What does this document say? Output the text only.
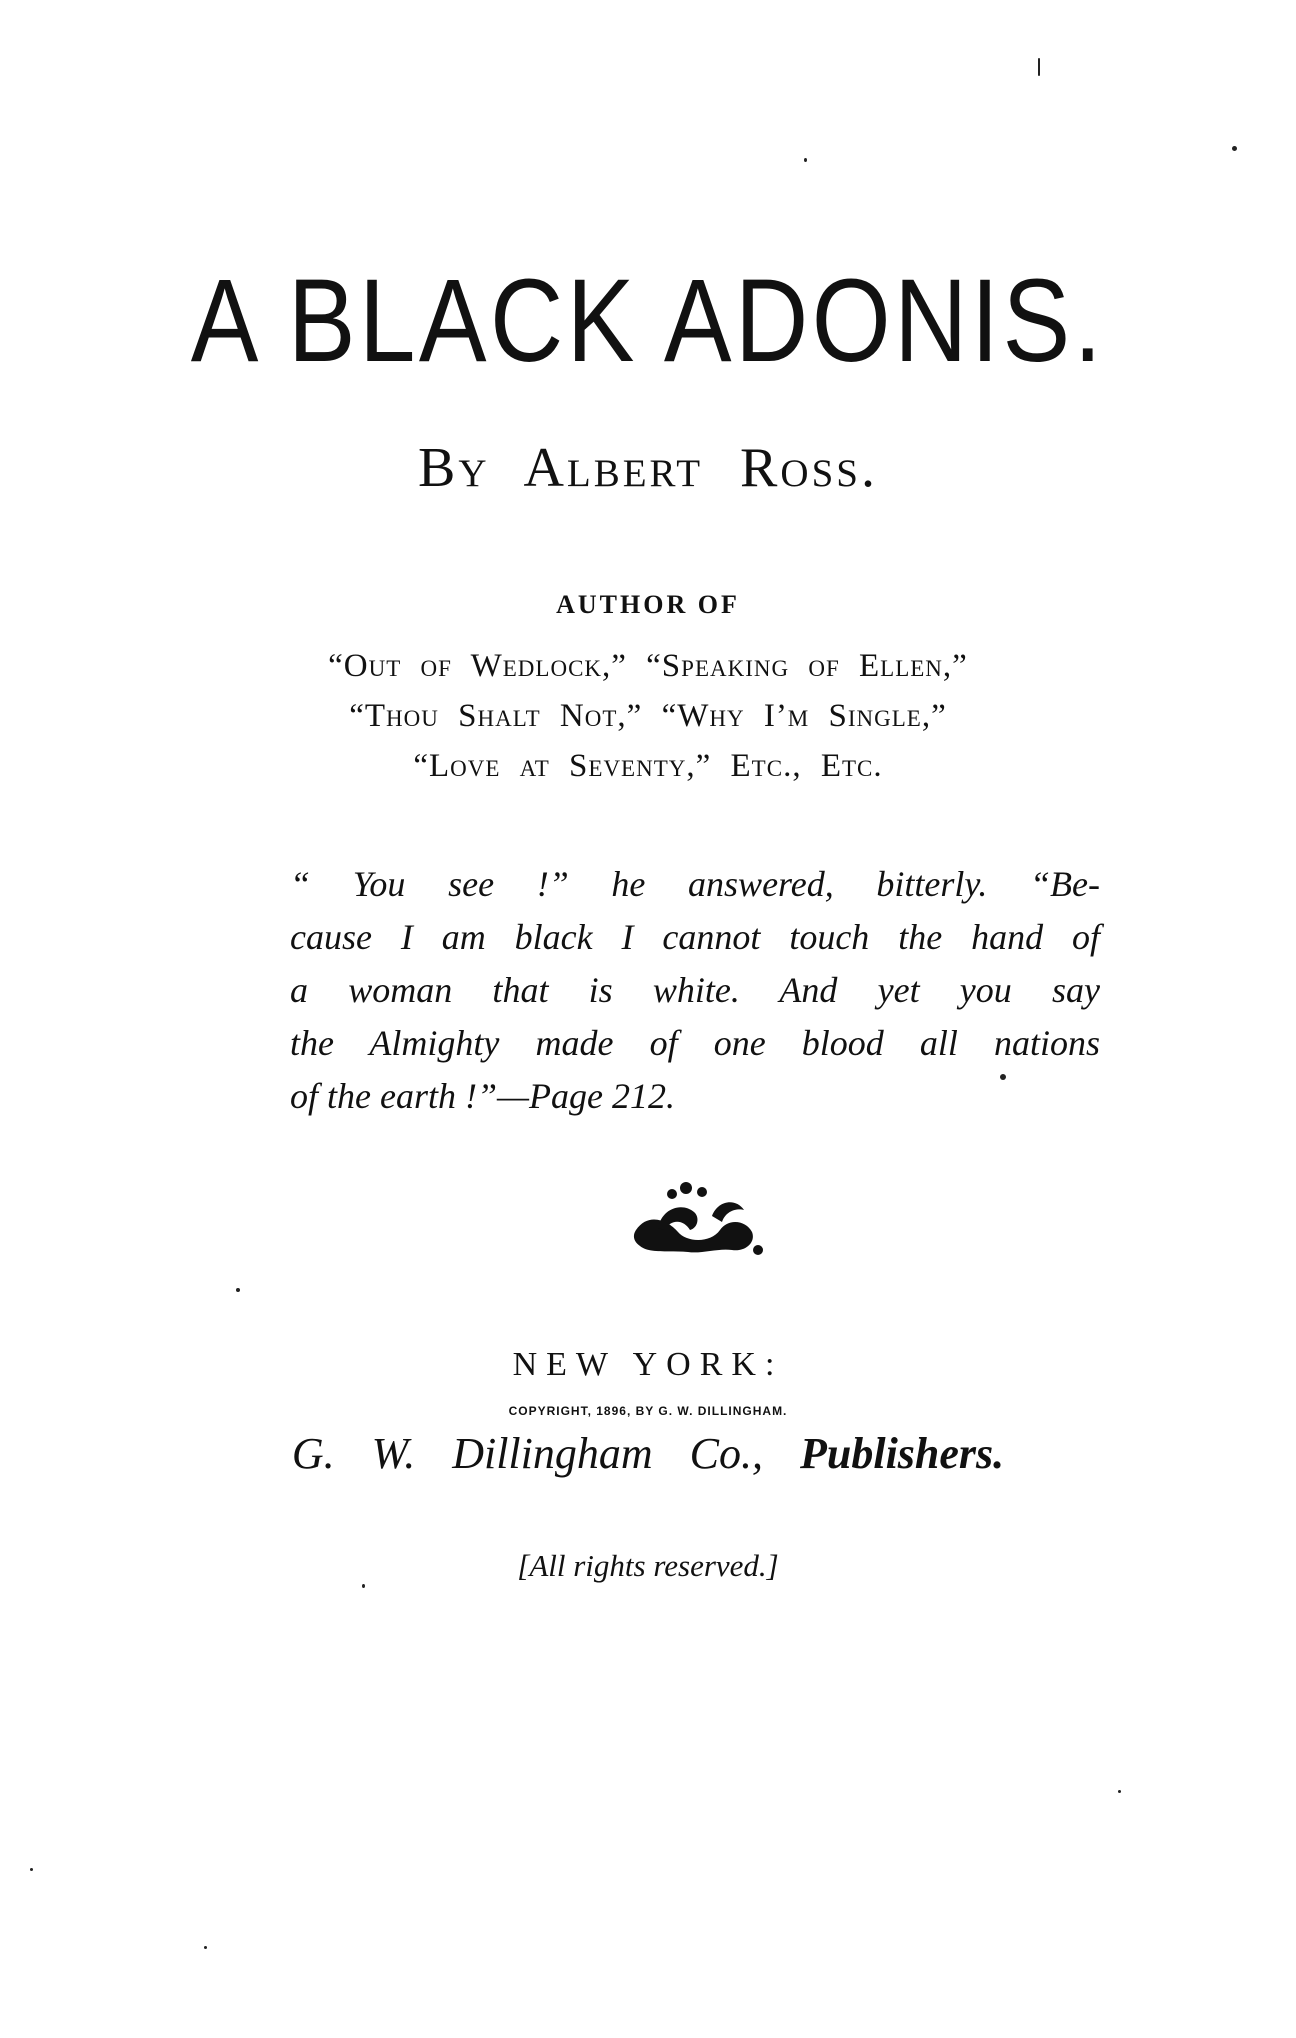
A BLACK ADONIS.
By Albert Ross.
AUTHOR OF
“Out of Wedlock,” “Speaking of Ellen,”
“Thou Shalt Not,” “Why I’m Single,”
“Love at Seventy,” Etc., Etc.
“ You see !” he answered, bitterly. “Be-
cause I am black I cannot touch the hand of
a woman that is white. And yet you say
the Almighty made of one blood all nations
of the earth !”—Page 212.
NEW YORK:
COPYRIGHT, 1896, BY G. W. DILLINGHAM.
G. W. Dillingham Co., Publishers.
[All rights reserved.]
